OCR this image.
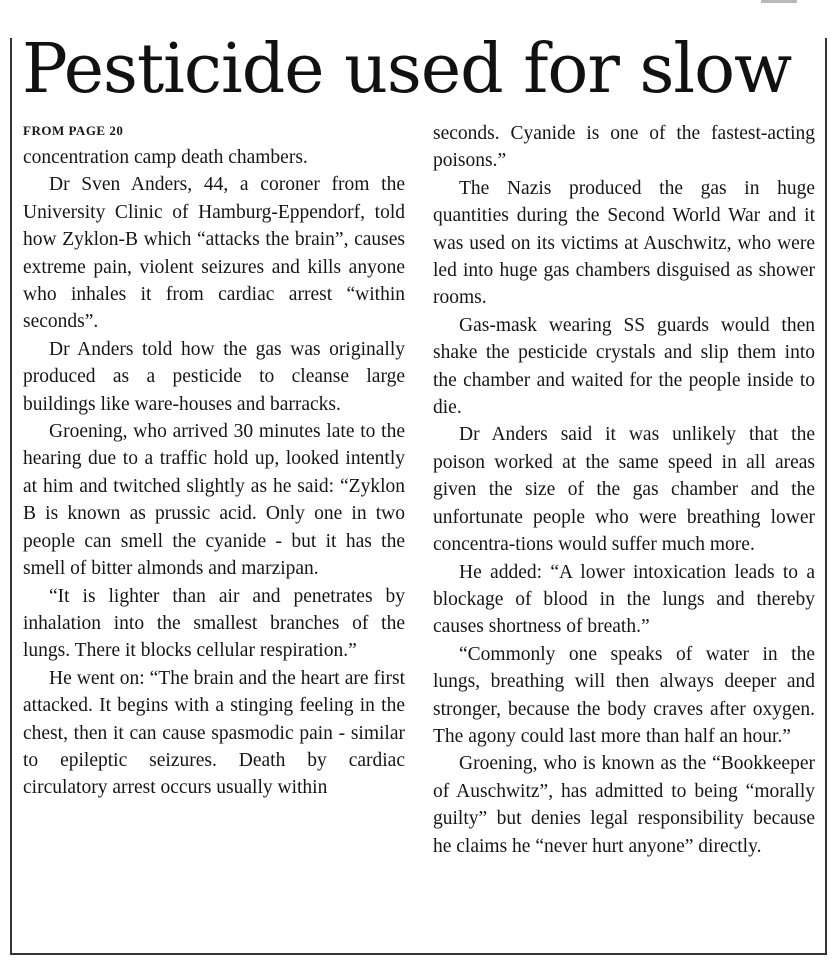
Pesticide used for slow
FROM PAGE 20

concentration camp death chambers.

Dr Sven Anders, 44, a coroner from the University Clinic of Hamburg-Eppendorf, told how Zyklon-B which “attacks the brain”, causes extreme pain, violent seizures and kills anyone who inhales it from cardiac arrest “within seconds”.

Dr Anders told how the gas was originally produced as a pesticide to cleanse large buildings like ware-houses and barracks.

Groening, who arrived 30 minutes late to the hearing due to a traffic hold up, looked intently at him and twitched slightly as he said: “Zyklon B is known as prussic acid. Only one in two people can smell the cyanide - but it has the smell of bitter almonds and marzipan.

“It is lighter than air and penetrates by inhalation into the smallest branches of the lungs. There it blocks cellular respiration.”

He went on: “The brain and the heart are first attacked. It begins with a stinging feeling in the chest, then it can cause spasmodic pain - similar to epileptic seizures. Death by cardiac circulatory arrest occurs usually within

seconds. Cyanide is one of the fastest-acting poisons.”

The Nazis produced the gas in huge quantities during the Second World War and it was used on its victims at Auschwitz, who were led into huge gas chambers disguised as shower rooms.

Gas-mask wearing SS guards would then shake the pesticide crystals and slip them into the chamber and waited for the people inside to die.

Dr Anders said it was unlikely that the poison worked at the same speed in all areas given the size of the gas chamber and the unfortunate people who were breathing lower concentra-tions would suffer much more.

He added: “A lower intoxication leads to a blockage of blood in the lungs and thereby causes shortness of breath.”

“Commonly one speaks of water in the lungs, breathing will then always deeper and stronger, because the body craves after oxygen. The agony could last more than half an hour.”

Groening, who is known as the “Bookkeeper of Auschwitz”, has admitted to being “morally guilty” but denies legal responsibility because he claims he “never hurt anyone” directly.
